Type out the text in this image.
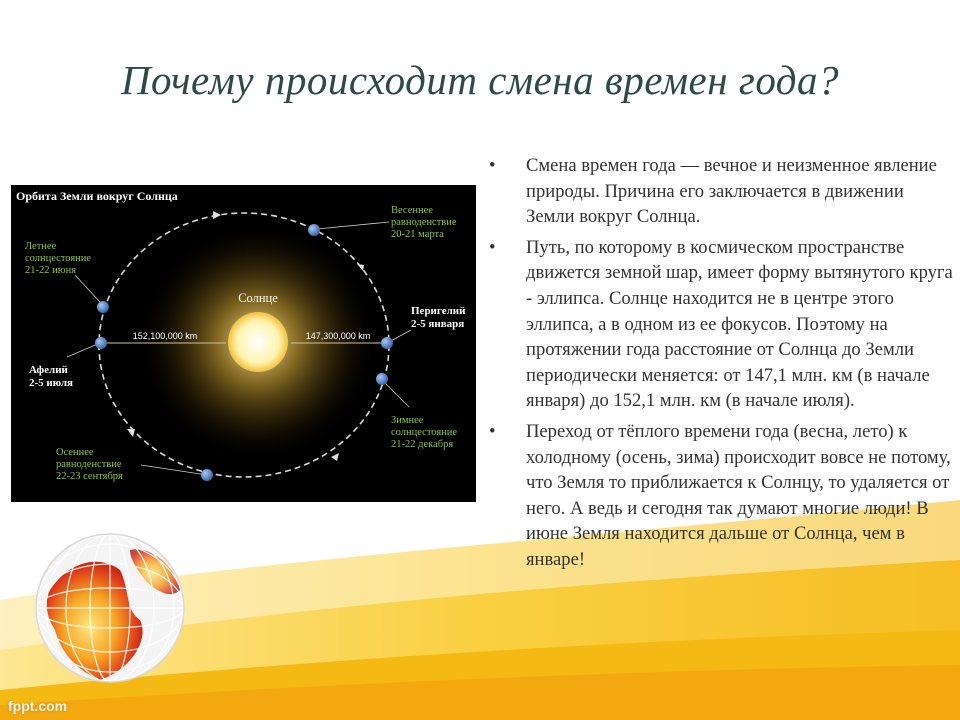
Почему происходит смена времен года?
Орбита Земли вокруг Солнца
Солнце
152,100,000 km	147,300,000 km
Весеннее
равноденствие
20-21 марта
Летнее
солнцестояние
21-22 июня
Зимнее
солнцестояние
21-22 декабря
Осеннее
равноденствие
22-23 сентября
Перигелий
2-5 января
Афелий
2-5 июля
• Смена времен года — вечное и неизменное явление природы. Причина его заключается в движении Земли вокруг Солнца.
• Путь, по которому в космическом пространстве движется земной шар, имеет форму вытянутого круга - эллипса. Солнце находится не в центре этого эллипса, а в одном из ее фокусов. Поэтому на протяжении года расстояние от Солнца до Земли периодически меняется: от 147,1 млн. км (в начале января) до 152,1 млн. км (в начале июля).
• Переход от тёплого времени года (весна, лето) к холодному (осень, зима) происходит вовсе не потому, что Земля то приближается к Солнцу, то удаляется от него. А ведь и сегодня так думают многие люди! В июне Земля находится дальше от Солнца, чем в январе!
fppt.com
